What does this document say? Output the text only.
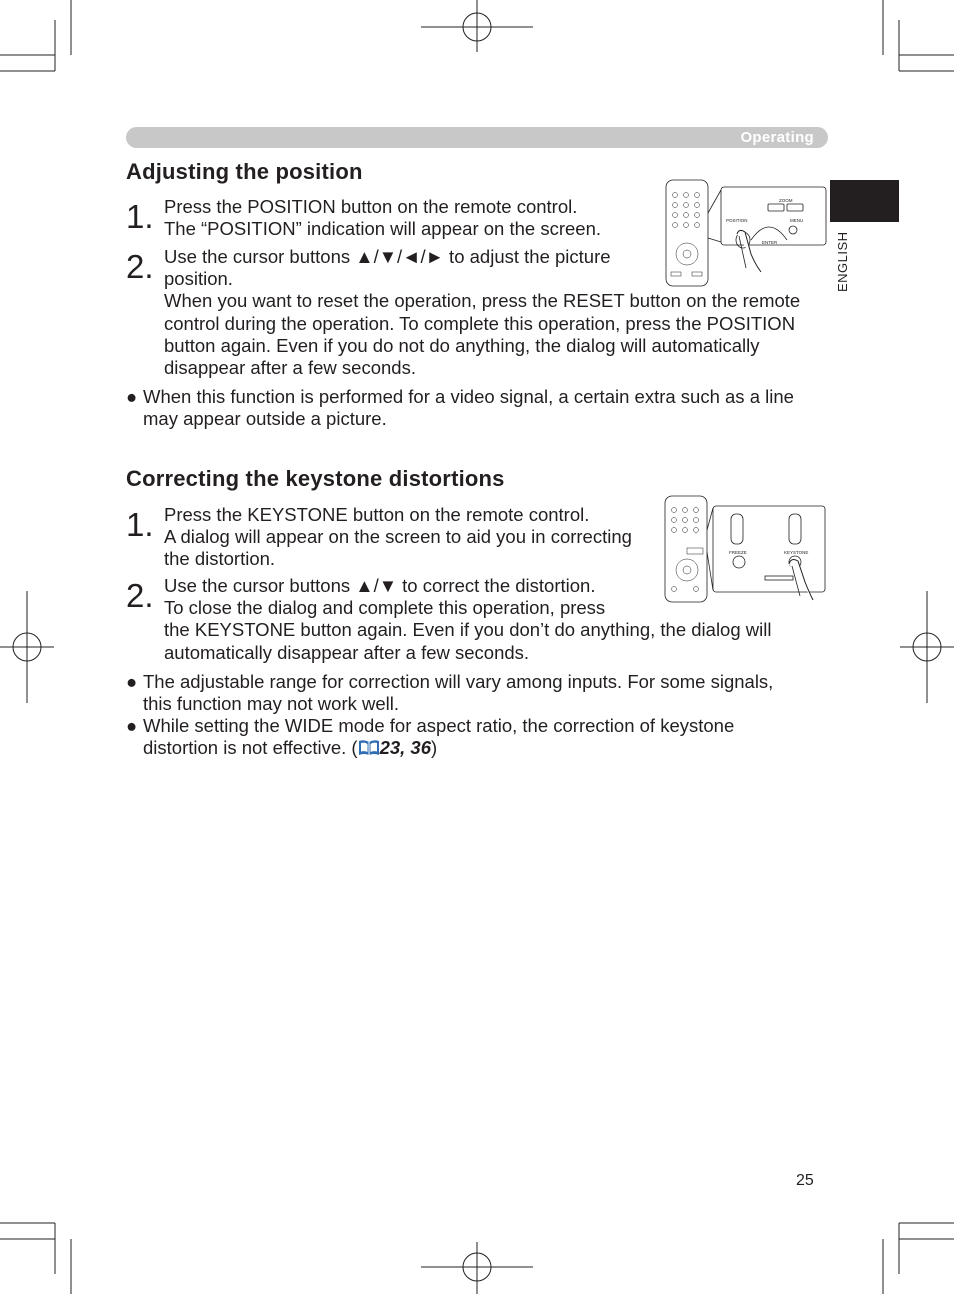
Operating
ENGLISH
Adjusting the position
1. Press the POSITION button on the remote control.
The “POSITION” indication will appear on the screen.
2. Use the cursor buttons ▲/▼/◄/► to adjust the picture
position.
When you want to reset the operation, press the RESET button on the remote
control during the operation. To complete this operation, press the POSITION
button again. Even if you do not do anything, the dialog will automatically
disappear after a few seconds.
● When this function is performed for a video signal, a certain extra such as a line
may appear outside a picture.
ZOOM
POSITION	MENU
ENTER
Correcting the keystone distortions
1. Press the KEYSTONE button on the remote control.
A dialog will appear on the screen to aid you in correcting
the distortion.
2. Use the cursor buttons ▲/▼ to correct the distortion.
To close the dialog and complete this operation, press
the KEYSTONE button again. Even if you don’t do anything, the dialog will
automatically disappear after a few seconds.
● The adjustable range for correction will vary among inputs. For some signals,
this function may not work well.
● While setting the WIDE mode for aspect ratio, the correction of keystone
distortion is not effective. ( 23, 36)
FREEZE	KEYSTONE
25
